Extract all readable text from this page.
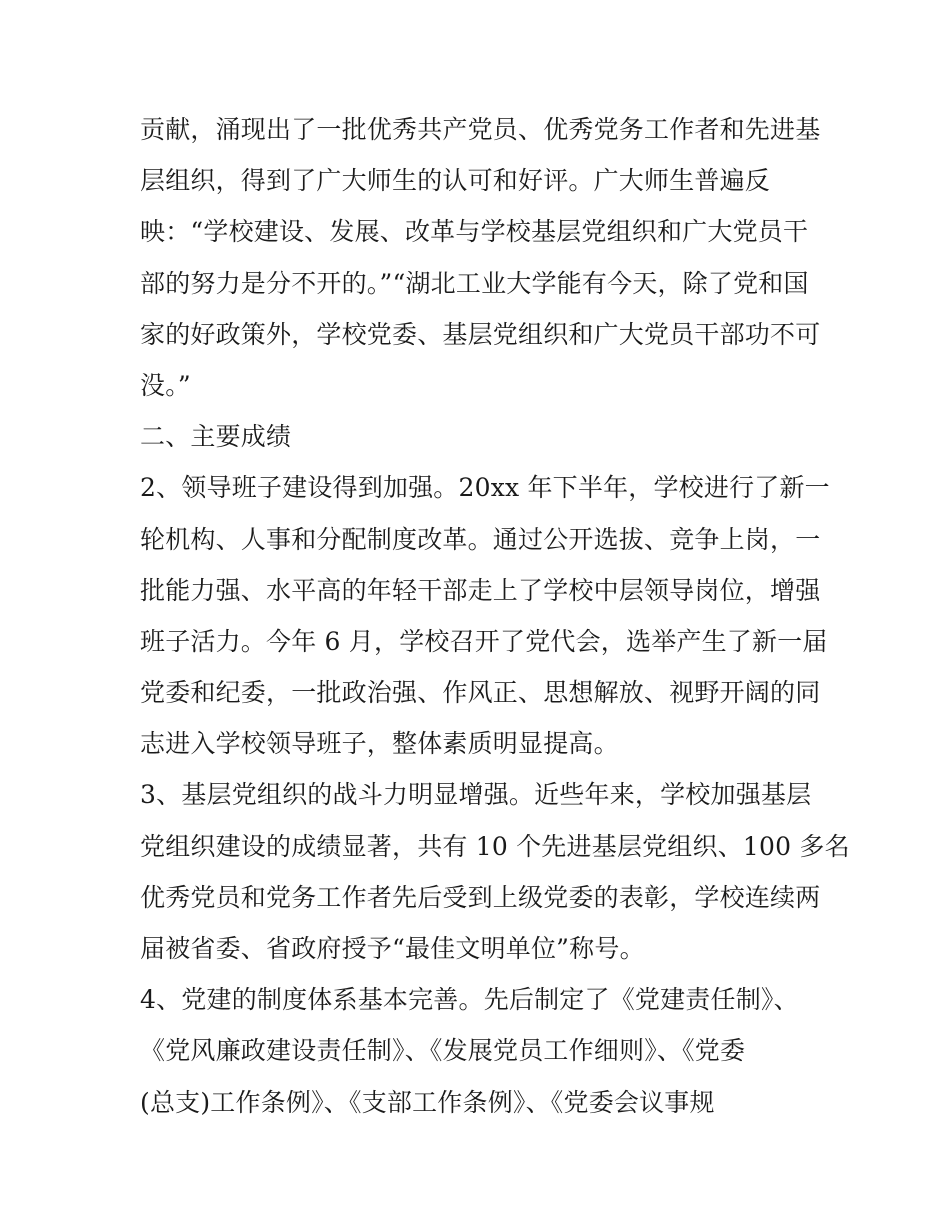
贡献，涌现出了一批优秀共产党员、优秀党务工作者和先进基
层组织，得到了广大师生的认可和好评。广大师生普遍反
映：“学校建设、发展、改革与学校基层党组织和广大党员干
部的努力是分不开的。”“湖北工业大学能有今天，除了党和国
家的好政策外，学校党委、基层党组织和广大党员干部功不可
没。”
二、主要成绩
2、领导班子建设得到加强。20xx 年下半年，学校进行了新一
轮机构、人事和分配制度改革。通过公开选拔、竞争上岗，一
批能力强、水平高的年轻干部走上了学校中层领导岗位，增强
班子活力。今年 6 月，学校召开了党代会，选举产生了新一届
党委和纪委，一批政治强、作风正、思想解放、视野开阔的同
志进入学校领导班子，整体素质明显提高。
3、基层党组织的战斗力明显增强。近些年来，学校加强基层
党组织建设的成绩显著，共有 10 个先进基层党组织、100 多名
优秀党员和党务工作者先后受到上级党委的表彰，学校连续两
届被省委、省政府授予“最佳文明单位”称号。
4、党建的制度体系基本完善。先后制定了《党建责任制》、
《党风廉政建设责任制》、《发展党员工作细则》、《党委
(总支)工作条例》、《支部工作条例》、《党委会议事规
